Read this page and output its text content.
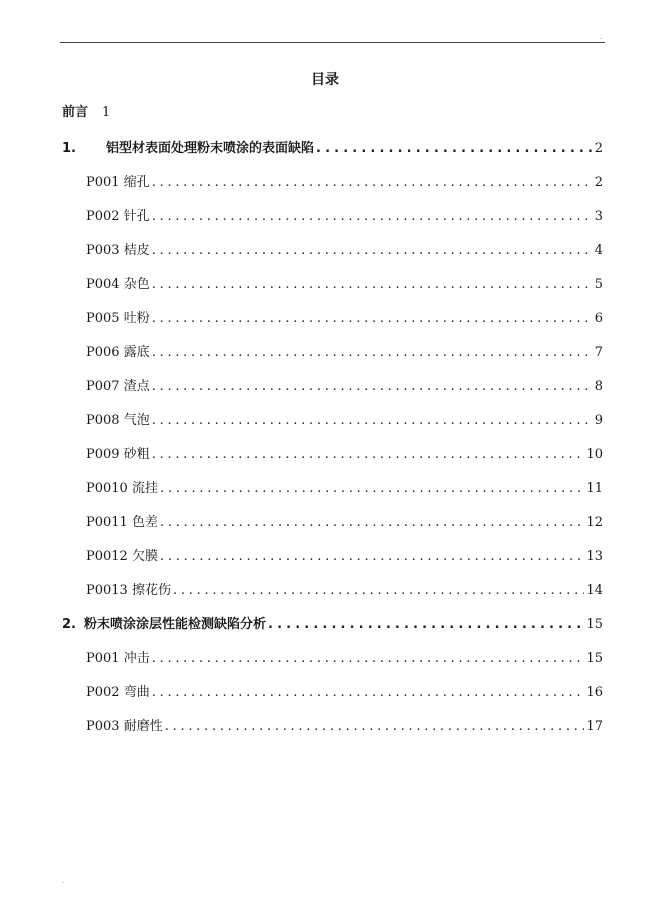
.
目录
前言 1
1. 铝型材表面处理粉末喷涂的表面缺陷 . . .	2
P001 缩孔 . . .	2
P002 针孔 . . .	3
P003 桔皮 . . .	4
P004 杂色 . . .	5
P005 吐粉 . . .	6
P006 露底 . . .	7
P007 渣点 . . .	8
P008 气泡 . . .	9
P009 砂粗 . . .	10
P0010 流挂 . . .	11
P0011 色差 . . .	12
P0012 欠膜 . . .	13
P0013 擦花伤 . . .	14
2. 粉末喷涂涂层性能检测缺陷分析 . . .	15
P001 冲击 . . .	15
P002 弯曲 . . .	16
P003 耐磨性 . . .	17
.
